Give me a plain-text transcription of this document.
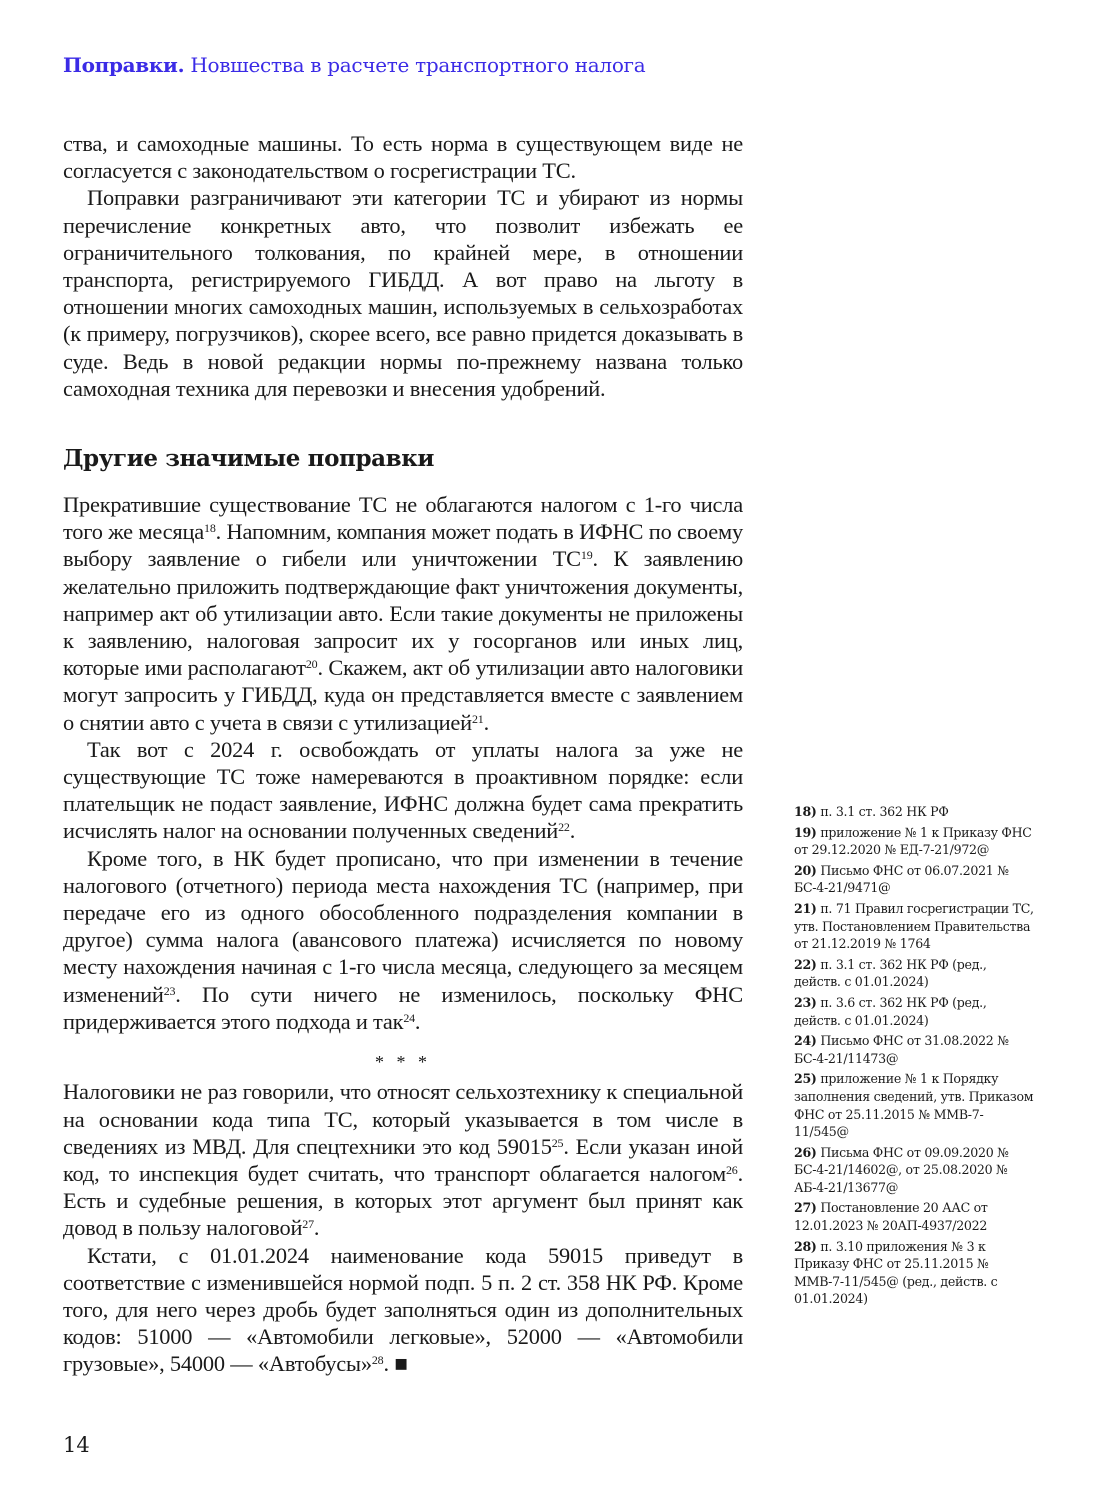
Поправки. Новшества в расчете транспортного налога

ства, и самоходные машины. То есть норма в существующем виде не согласуется с законодательством о госрегистрации ТС.

Поправки разграничивают эти категории ТС и убирают из нормы перечисление конкретных авто, что позволит избежать ее ограничительного толкования, по крайней мере, в отношении транспорта, регистрируемого ГИБДД. А вот право на льготу в отношении многих самоходных машин, используемых в сельхозработах (к примеру, погрузчиков), скорее всего, все равно придется доказывать в суде. Ведь в новой редакции нормы по-прежнему названа только самоходная техника для перевозки и внесения удобрений.

Другие значимые поправки

Прекратившие существование ТС не облагаются налогом с 1-го числа того же месяца$^{18}$. Напомним, компания может подать в ИФНС по своему выбору заявление о гибели или уничтожении ТС$^{19}$. К заявлению желательно приложить подтверждающие факт уничтожения документы, например акт об утилизации авто. Если такие документы не приложены к заявлению, налоговая запросит их у госорганов или иных лиц, которые ими располагают$^{20}$. Скажем, акт об утилизации авто налоговики могут запросить у ГИБДД, куда он представляется вместе с заявлением о снятии авто с учета в связи с утилизацией$^{21}$.

Так вот с 2024 г. освобождать от уплаты налога за уже не существующие ТС тоже намереваются в проактивном порядке: если плательщик не подаст заявление, ИФНС должна будет сама прекратить исчислять налог на основании полученных сведений$^{22}$.

Кроме того, в НК будет прописано, что при изменении в течение налогового (отчетного) периода места нахождения ТС (например, при передаче его из одного обособленного подразделения компании в другое) сумма налога (авансового платежа) исчисляется по новому месту нахождения начиная с 1-го числа месяца, следующего за месяцем изменений$^{23}$. По сути ничего не изменилось, поскольку ФНС придерживается этого подхода и так$^{24}$.

* * *

Налоговики не раз говорили, что относят сельхозтехнику к специальной на основании кода типа ТС, который указывается в том числе в сведениях из МВД. Для спецтехники это код 59015$^{25}$. Если указан иной код, то инспекция будет считать, что транспорт облагается налогом$^{26}$. Есть и судебные решения, в которых этот аргумент был принят как довод в пользу налоговой$^{27}$.

Кстати, с 01.01.2024 наименование кода 59015 приведут в соответствие с изменившейся нормой подп. 5 п. 2 ст. 358 НК РФ. Кроме того, для него через дробь будет заполняться один из дополнительных кодов: 51000 — «Автомобили легковые», 52000 — «Автомобили грузовые», 54000 — «Автобусы»$^{28}$. ■

18) п. 3.1 ст. 362 НК РФ

19) приложение № 1 к Приказу ФНС от 29.12.2020 № ЕД-7-21/972@

20) Письмо ФНС от 06.07.2021 № БС-4-21/9471@

21) п. 71 Правил госрегистрации ТС, утв. Постановлением Правительства от 21.12.2019 № 1764

22) п. 3.1 ст. 362 НК РФ (ред., действ. с 01.01.2024)

23) п. 3.6 ст. 362 НК РФ (ред., действ. с 01.01.2024)

24) Письмо ФНС от 31.08.2022 № БС-4-21/11473@

25) приложение № 1 к Порядку заполнения сведений, утв. Приказом ФНС от 25.11.2015 № ММВ-7-11/545@

26) Письма ФНС от 09.09.2020 № БС-4-21/14602@, от 25.08.2020 № АБ-4-21/13677@

27) Постановление 20 ААС от 12.01.2023 № 20АП-4937/2022

28) п. 3.10 приложения № 3 к Приказу ФНС от 25.11.2015 № ММВ-7-11/545@ (ред., действ. с 01.01.2024)

14
